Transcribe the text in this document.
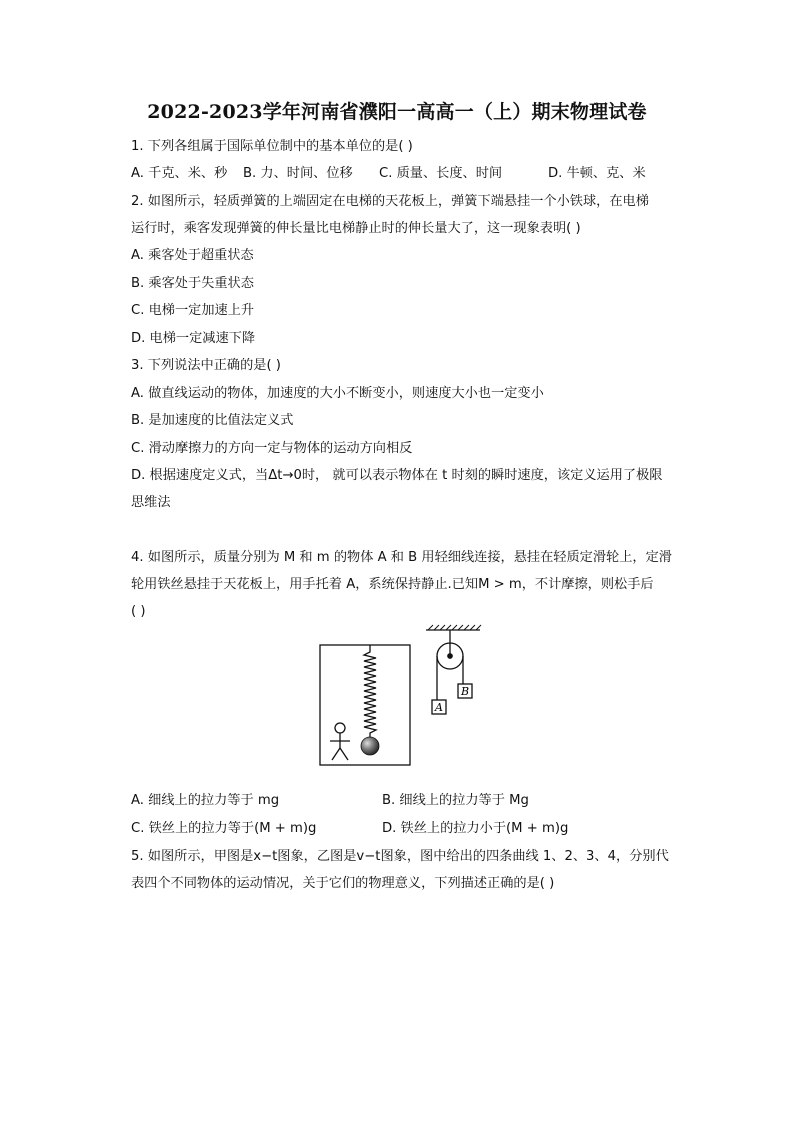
2022-2023学年河南省濮阳一高高一（上）期末物理试卷
1. 下列各组属于国际单位制中的基本单位的是( )
A. 千克、米、秒 B. 力、时间、位移 C. 质量、长度、时间	D. 牛顿、克、米
2. 如图所示，轻质弹簧的上端固定在电梯的天花板上，弹簧下端悬挂一个小铁球，在电梯
运行时，乘客发现弹簧的伸长量比电梯静止时的伸长量大了，这一现象表明( )
A. 乘客处于超重状态
B. 乘客处于失重状态
C. 电梯一定加速上升
D. 电梯一定减速下降
3. 下列说法中正确的是( )
A. 做直线运动的物体，加速度的大小不断变小，则速度大小也一定变小
B. 是加速度的比值法定义式
C. 滑动摩擦力的方向一定与物体的运动方向相反
D. 根据速度定义式，当Δt→0时， 就可以表示物体在 t 时刻的瞬时速度，该定义运用了极限
思维法
4. 如图所示，质量分别为 M 和 m 的物体 A 和 B 用轻细线连接，悬挂在轻质定滑轮上，定滑
轮用铁丝悬挂于天花板上，用手托着 A，系统保持静止.已知M > m，不计摩擦，则松手后
( )
A
B
A. 细线上的拉力等于 mg	B. 细线上的拉力等于 Mg
C. 铁丝上的拉力等于(M + m)g	D. 铁丝上的拉力小于(M + m)g
5. 如图所示，甲图是x−t图象，乙图是v−t图象，图中给出的四条曲线 1、2、3、4，分别代
表四个不同物体的运动情况，关于它们的物理意义，下列描述正确的是( )
